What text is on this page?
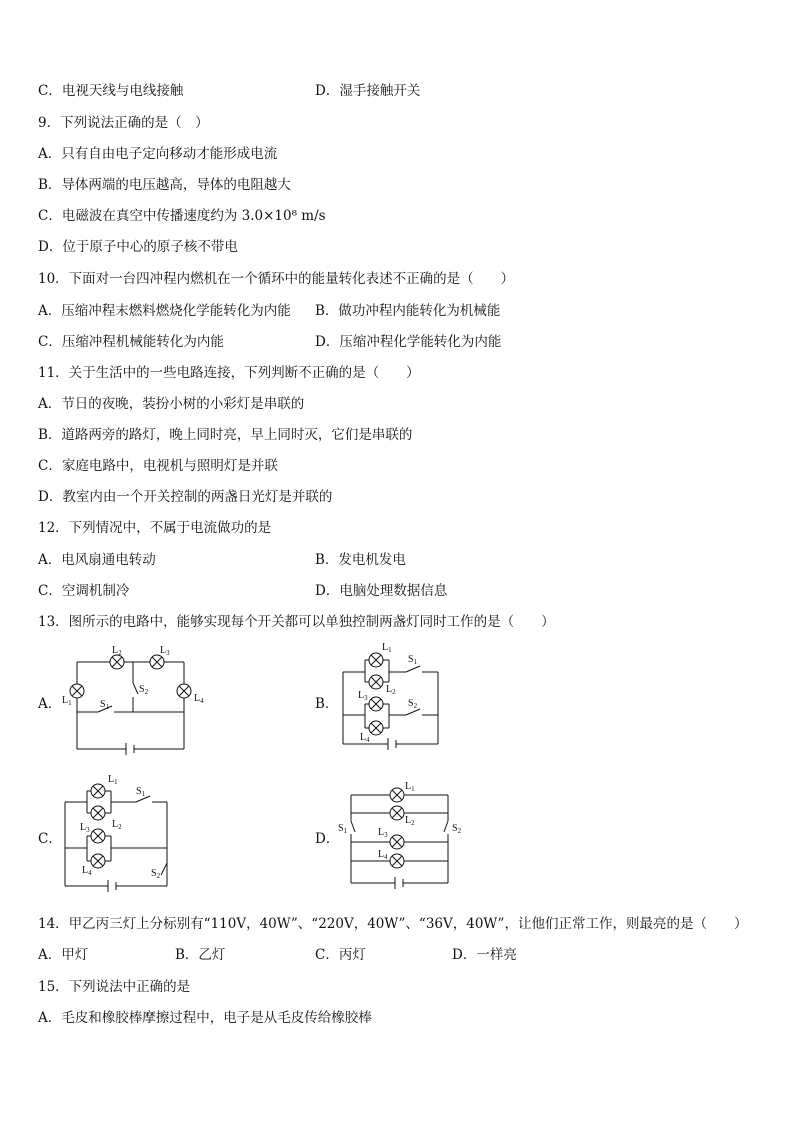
C．电视天线与电线接触	D．湿手接触开关
9．下列说法正确的是（　）
A．只有自由电子定向移动才能形成电流
B．导体两端的电压越高，导体的电阻越大
C．电磁波在真空中传播速度约为 3.0×10⁸ m/s
D．位于原子中心的原子核不带电
10．下面对一台四冲程内燃机在一个循环中的能量转化表述不正确的是（　　）
A．压缩冲程末燃料燃烧化学能转化为内能 B．做功冲程内能转化为机械能
C．压缩冲程机械能转化为内能	D．压缩冲程化学能转化为内能
11．关于生活中的一些电路连接，下列判断不正确的是（　　）
A．节日的夜晚，装扮小树的小彩灯是串联的
B．道路两旁的路灯，晚上同时亮，早上同时灭，它们是串联的
C．家庭电路中，电视机与照明灯是并联
D．教室内由一个开关控制的两盏日光灯是并联的
12．下列情况中，不属于电流做功的是
A．电风扇通电转动	B．发电机发电
C．空调机制冷	D．电脑处理数据信息
13．图所示的电路中，能够实现每个开关都可以单独控制两盏灯同时工作的是（　　）
A．	B．
C．	D．
$L_2$	$L_3$
$L_1$	$L_4$
$S_2$
$S_1$
$L_1$
$L_2$
$L_3$
$L_4$
$S_1$
$S_2$
$L_1$
$L_2$
$L_3$
$L_4$
$S_1$
$S_2$
$L_1$
$L_2$
$L_3$
$L_4$
$S_1$	$S_2$
14．甲乙丙三灯上分标别有“110V，40W”、“220V，40W”、“36V，40W”，让他们正常工作，则最亮的是（　　）
A．甲灯	B．乙灯	C．丙灯	D．一样亮
15．下列说法中正确的是
A．毛皮和橡胶棒摩擦过程中，电子是从毛皮传给橡胶棒
